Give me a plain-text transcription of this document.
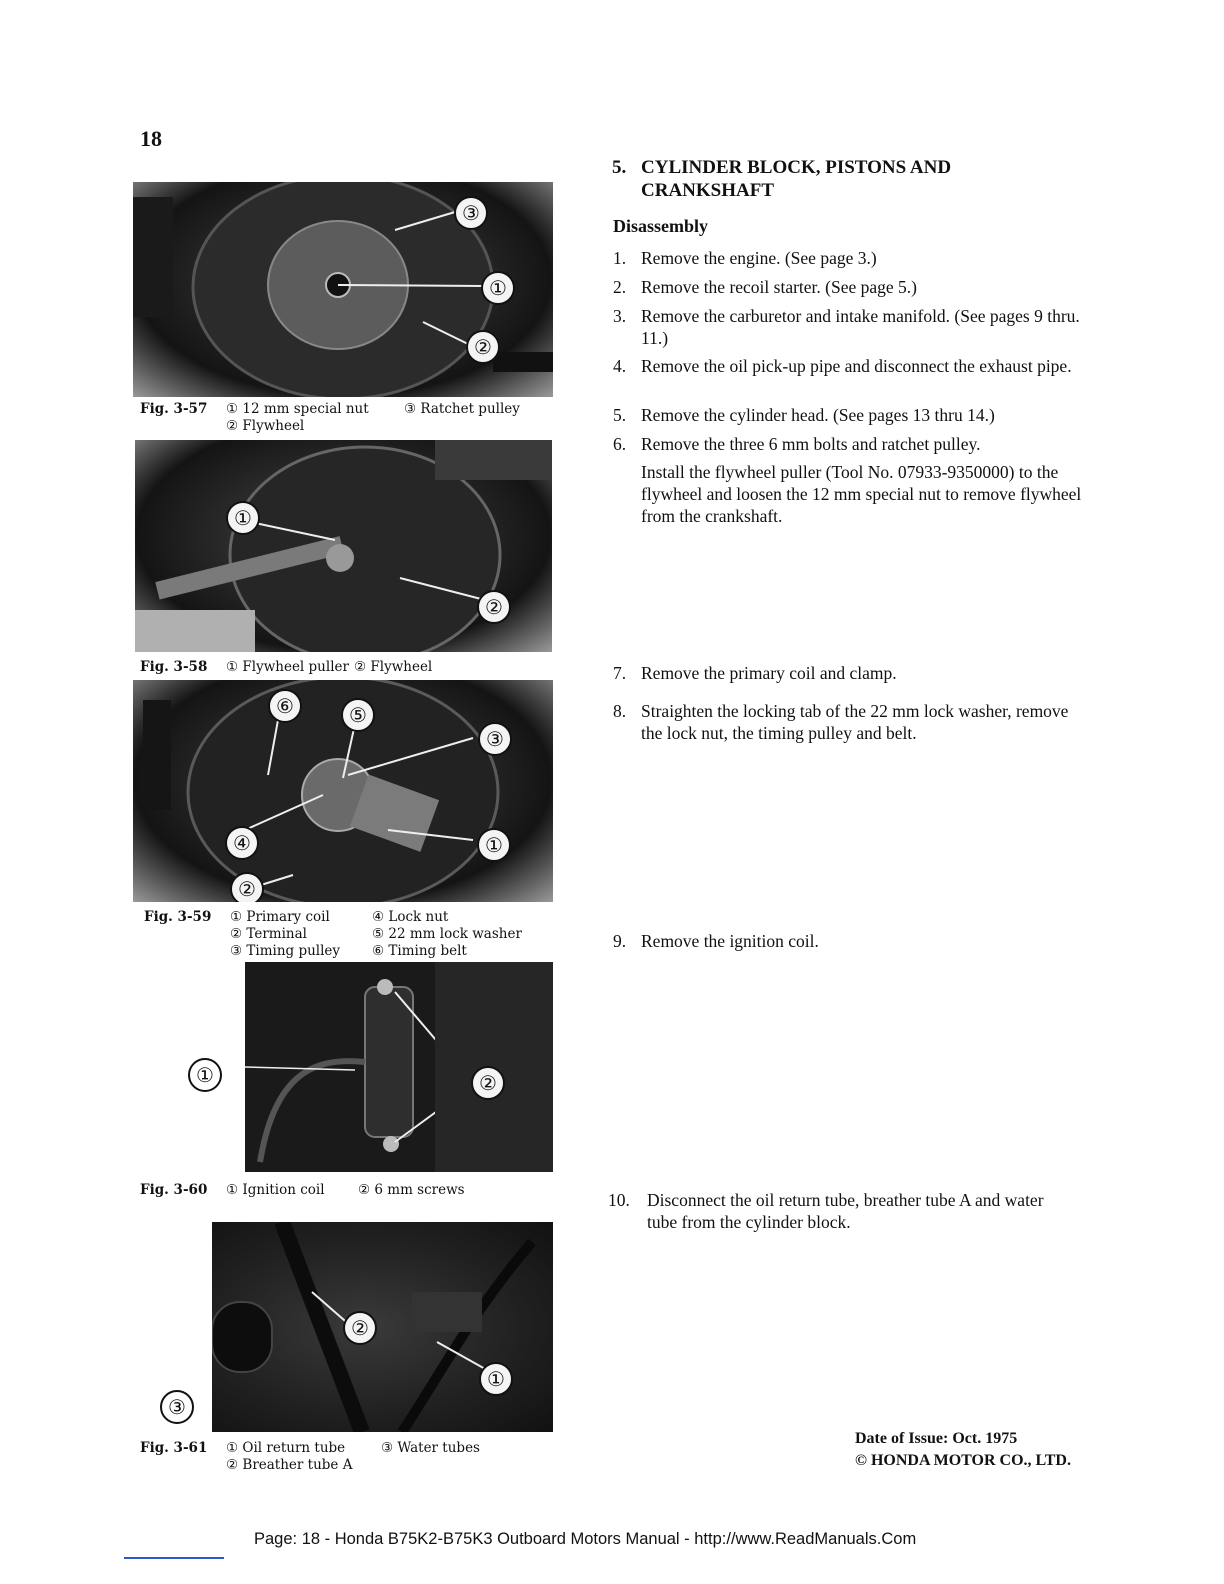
18
③
①
②
Fig. 3-57 ① 12 mm special nut	③ Ratchet pulley
② Flywheel
①
②
Fig. 3-58 ① Flywheel puller ② Flywheel
⑥	⑤
③
④	①
②
Fig. 3-59 ① Primary coil	④ Lock nut
② Terminal	⑤ 22 mm lock washer
③ Timing pulley ⑥ Timing belt
②
①
Fig. 3-60 ① Ignition coil ② 6 mm screws
②
①
③
Fig. 3-61 ① Oil return tube	③ Water tubes
② Breather tube A
5. CYLINDER BLOCK, PISTONS AND
CRANKSHAFT
Disassembly
1. Remove the engine. (See page 3.)
2. Remove the recoil starter. (See page 5.)
3. Remove the carburetor and intake manifold. (See pages 9 thru. 11.)
4. Remove the oil pick-up pipe and disconnect the exhaust pipe.
5. Remove the cylinder head. (See pages 13 thru 14.)
6. Remove the three 6 mm bolts and ratchet pulley.
Install the flywheel puller (Tool No. 07933-9350000) to the flywheel and loosen the 12 mm special nut to remove flywheel from the crankshaft.
7. Remove the primary coil and clamp.
8. Straighten the locking tab of the 22 mm lock washer, remove the lock nut, the timing pulley and belt.
9. Remove the ignition coil.
10. Disconnect the oil return tube, breather tube A and water tube from the cylinder block.
Date of Issue: Oct. 1975
© HONDA MOTOR CO., LTD.
Page: 18 - Honda B75K2-B75K3 Outboard Motors Manual - http://www.ReadManuals.Com
